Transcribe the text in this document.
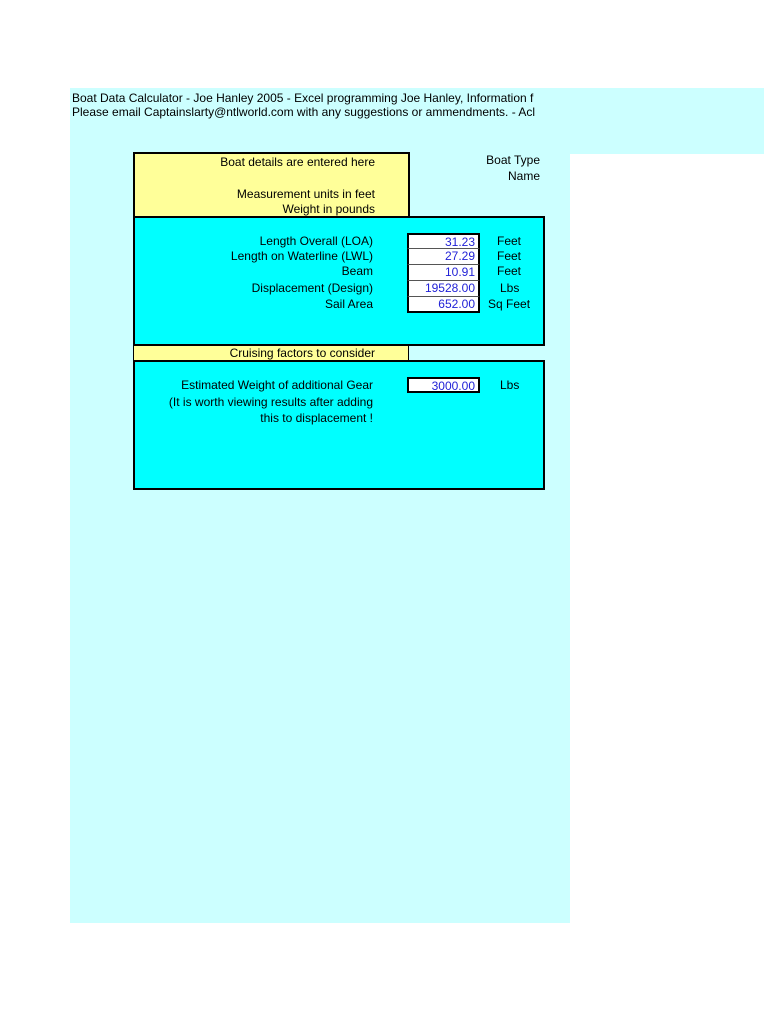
Boat Data Calculator - Joe Hanley 2005 - Excel programming Joe Hanley, Information f
Please email Captainslarty@ntlworld.com with any suggestions or ammendments. - Acl
Boat details are entered here
Measurement units in feet
Weight in pounds
Boat Type
Name
Length Overall (LOA)
Length on Waterline (LWL)
Beam
Displacement (Design)
Sail Area
31.23
27.29
10.91
19528.00
652.00
Feet
Feet
Feet
Lbs
Sq Feet
Cruising factors to consider
Estimated Weight of additional Gear	3000.00	Lbs
(It is worth viewing results after adding
this to displacement !
